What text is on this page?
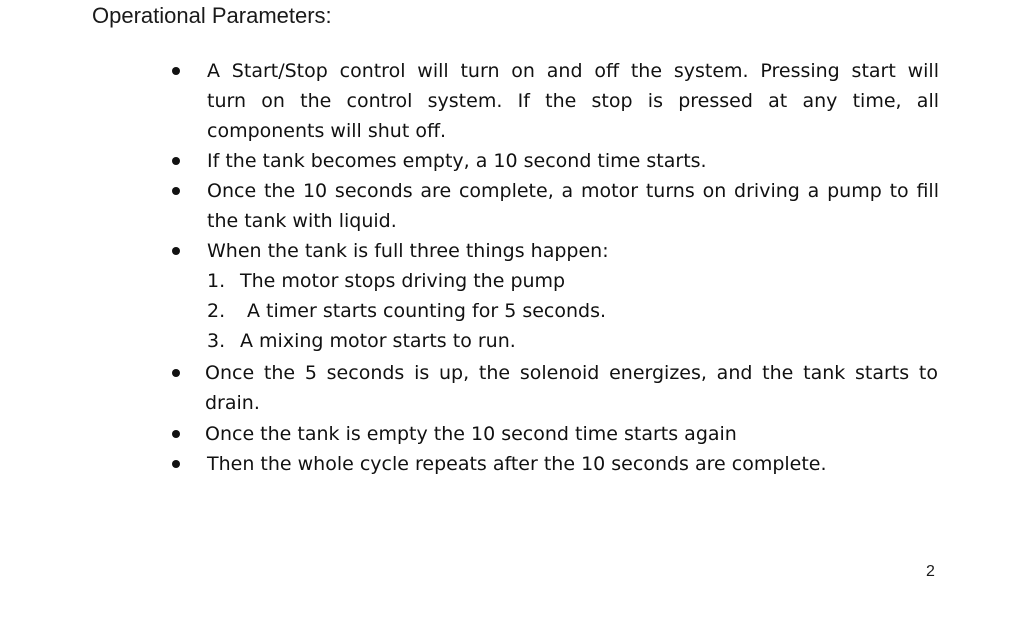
Operational Parameters:
A Start/Stop control will turn on and off the system. Pressing start will
turn on the control system. If the stop is pressed at any time, all
components will shut off.
If the tank becomes empty, a 10 second time starts.
Once the 10 seconds are complete, a motor turns on driving a pump to fill
the tank with liquid.
When the tank is full three things happen:
1. The motor stops driving the pump
2. A timer starts counting for 5 seconds.
3. A mixing motor starts to run.
Once the 5 seconds is up, the solenoid energizes, and the tank starts to
drain.
Once the tank is empty the 10 second time starts again
Then the whole cycle repeats after the 10 seconds are complete.
2
